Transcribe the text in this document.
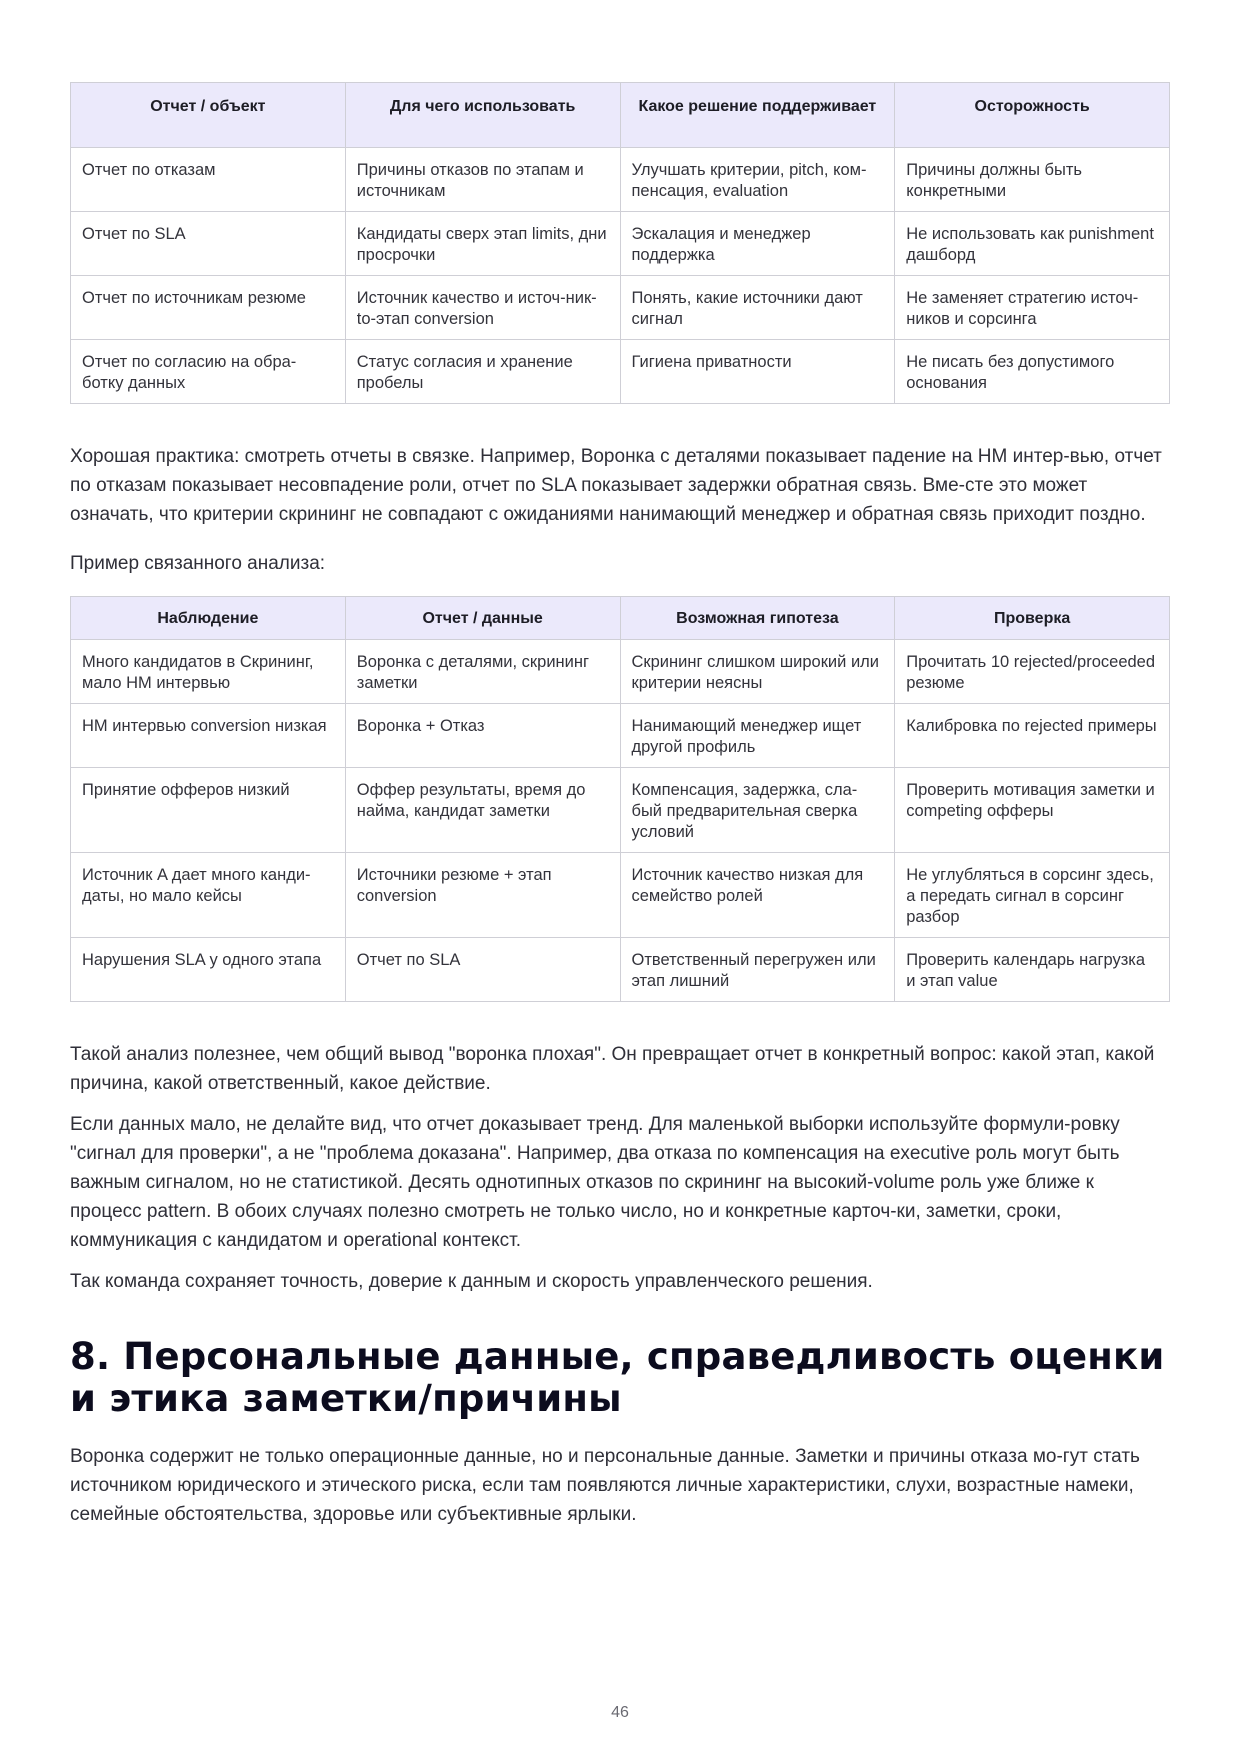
Отчет / объект	Для чего использовать	Какое решение поддерживает	Осторожность
Отчет по отказам	Причины отказов по этапам и источникам	Улучшать критерии, pitch, ком-пенсация, evaluation	Причины должны быть конкретными
Отчет по SLA	Кандидаты сверх этап limits, дни просрочки	Эскалация и менеджер поддержка	Не использовать как punishment дашборд
Отчет по источникам резюме	Источник качество и источ-ник-to-этап conversion	Понять, какие источники дают сигнал	Не заменяет стратегию источ-ников и сорсинга
Отчет по согласию на обра-ботку данных	Статус согласия и хранение пробелы	Гигиена приватности	Не писать без допустимого основания

Хорошая практика: смотреть отчеты в связке. Например, Воронка с деталями показывает падение на HM интер-вью, отчет по отказам показывает несовпадение роли, отчет по SLA показывает задержки обратная связь. Вме-сте это может означать, что критерии скрининг не совпадают с ожиданиями нанимающий менеджер и обратная связь приходит поздно.

Пример связанного анализа:

Наблюдение	Отчет / данные	Возможная гипотеза	Проверка
Много кандидатов в Скрининг, мало HM интервью	Воронка с деталями, скрининг заметки	Скрининг слишком широкий или критерии неясны	Прочитать 10 rejected/proceeded резюме
HM интервью conversion низкая	Воронка + Отказ	Нанимающий менеджер ищет другой профиль	Калибровка по rejected примеры
Принятие офферов низкий	Оффер результаты, время до найма, кандидат заметки	Компенсация, задержка, сла-бый предварительная сверка условий	Проверить мотивация заметки и competing офферы
Источник A дает много канди-даты, но мало кейсы	Источники резюме + этап conversion	Источник качество низкая для семейство ролей	Не углубляться в сорсинг здесь, а передать сигнал в сорсинг разбор
Нарушения SLA у одного этапа	Отчет по SLA	Ответственный перегружен или этап лишний	Проверить календарь нагрузка и этап value

Такой анализ полезнее, чем общий вывод "воронка плохая". Он превращает отчет в конкретный вопрос: какой этап, какой причина, какой ответственный, какое действие.

Если данных мало, не делайте вид, что отчет доказывает тренд. Для маленькой выборки используйте формули-ровку "сигнал для проверки", а не "проблема доказана". Например, два отказа по компенсация на executive роль могут быть важным сигналом, но не статистикой. Десять однотипных отказов по скрининг на высокий-volume роль уже ближе к процесс pattern. В обоих случаях полезно смотреть не только число, но и конкретные карточ-ки, заметки, сроки, коммуникация с кандидатом и operational контекст.

Так команда сохраняет точность, доверие к данным и скорость управленческого решения.

8. Персональные данные, справедливость оценки и этика заметки/причины

Воронка содержит не только операционные данные, но и персональные данные. Заметки и причины отказа мо-гут стать источником юридического и этического риска, если там появляются личные характеристики, слухи, возрастные намеки, семейные обстоятельства, здоровье или субъективные ярлыки.

46
